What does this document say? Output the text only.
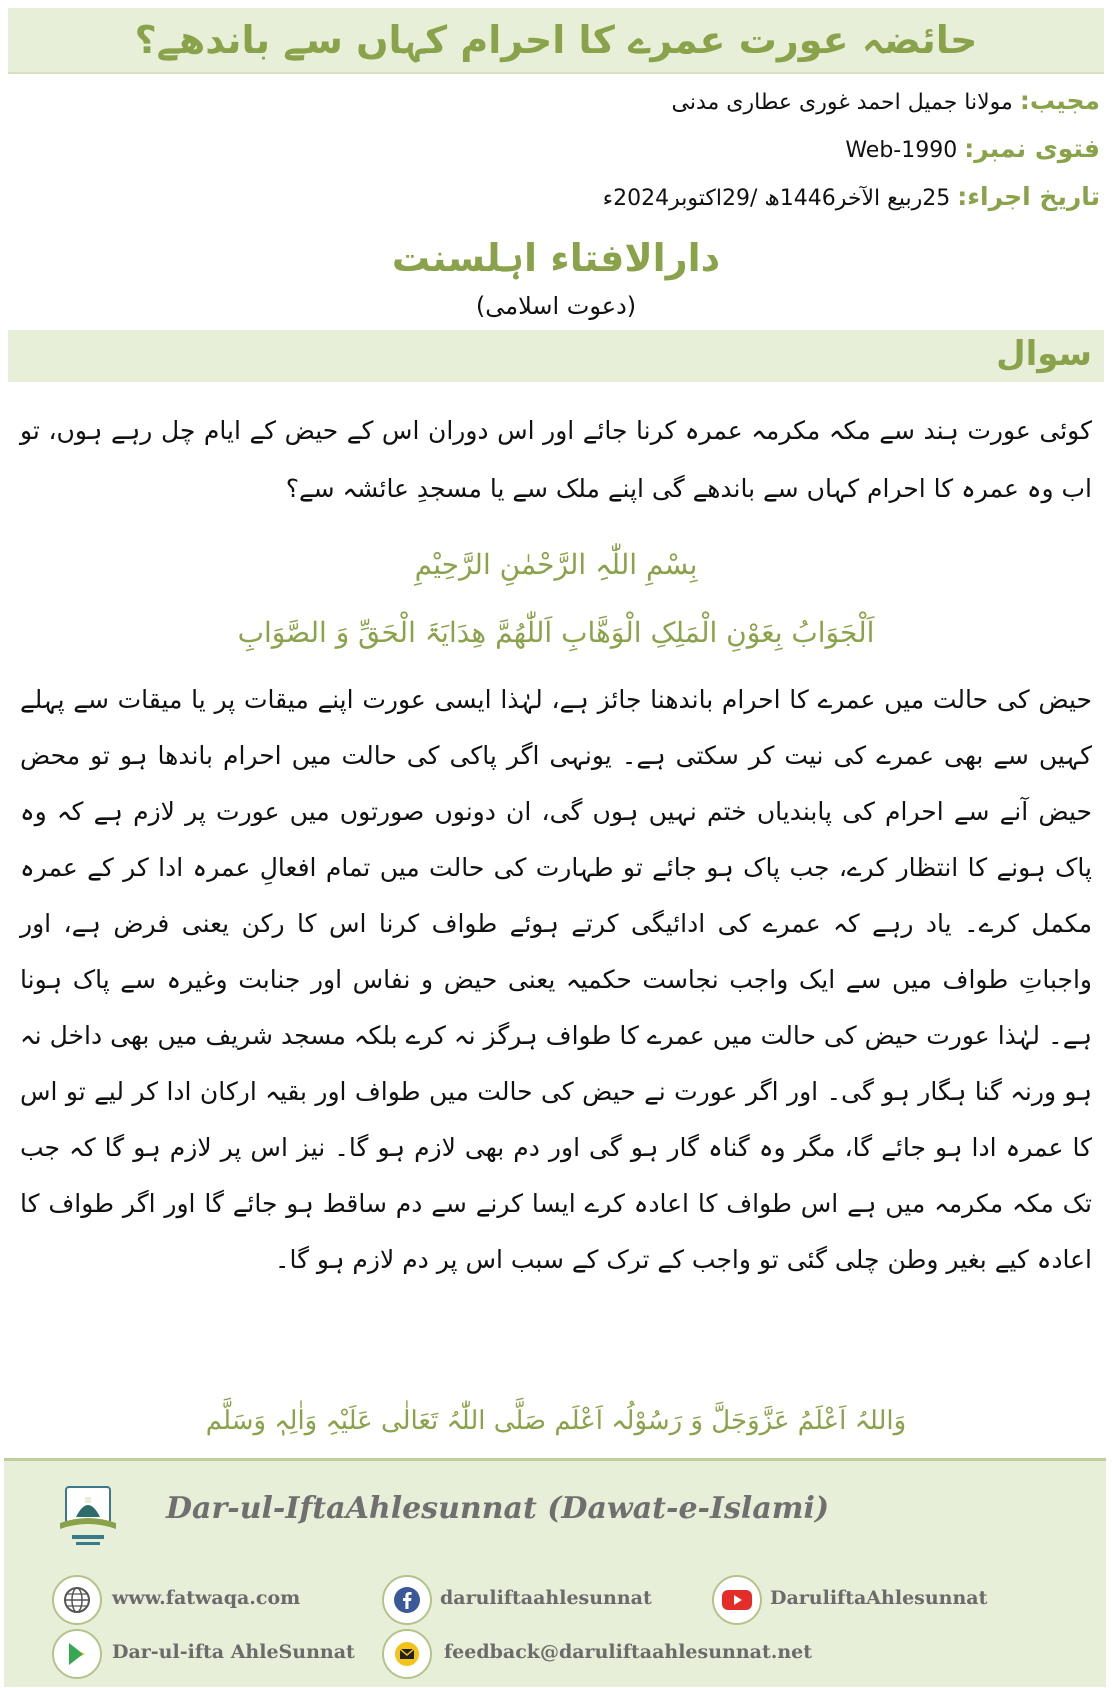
حائضہ عورت عمرے کا احرام کہاں سے باندھے؟
مجیب: مولانا جمیل احمد غوری عطاری مدنی
فتوی نمبر: Web-1990
تاریخ اجراء: 25ربیع الآخر1446ھ /29اکتوبر2024ء
دارالافتاء اہلسنت
(دعوت اسلامی)
سوال
کوئی عورت ہند سے مکہ مکرمہ عمرہ کرنا جائے اور اس دوران اس کے حیض کے ایام چل رہے ہوں، تو اب وہ عمرہ کا احرام کہاں سے باندھے گی اپنے ملک سے یا مسجدِ عائشہ سے؟
بِسْمِ اللّٰہِ الرَّحْمٰنِ الرَّحِیْمِ
اَلْجَوَابُ بِعَوْنِ الْمَلِکِ الْوَھَّابِ اَللّٰھُمَّ ھِدَایَۃَ الْحَقِّ وَ الصَّوَابِ
حیض کی حالت میں عمرے کا احرام باندھنا جائز ہے، لہٰذا ایسی عورت اپنے میقات پر یا میقات سے پہلے کہیں سے بھی عمرے کی نیت کر سکتی ہے۔ یونہی اگر پاکی کی حالت میں احرام باندھا ہو تو محض حیض آنے سے احرام کی پابندیاں ختم نہیں ہوں گی، ان دونوں صورتوں میں عورت پر لازم ہے کہ وہ پاک ہونے کا انتظار کرے، جب پاک ہو جائے تو طہارت کی حالت میں تمام افعالِ عمرہ ادا کر کے عمرہ مکمل کرے۔ یاد رہے کہ عمرے کی ادائیگی کرتے ہوئے طواف کرنا اس کا رکن یعنی فرض ہے، اور واجباتِ طواف میں سے ایک واجب نجاست حکمیہ یعنی حیض و نفاس اور جنابت وغیرہ سے پاک ہونا ہے۔ لہٰذا عورت حیض کی حالت میں عمرے کا طواف ہرگز نہ کرے بلکہ مسجد شریف میں بھی داخل نہ ہو ورنہ گنا ہگار ہو گی۔ اور اگر عورت نے حیض کی حالت میں طواف اور بقیہ ارکان ادا کر لیے تو اس کا عمرہ ادا ہو جائے گا، مگر وہ گناہ گار ہو گی اور دم بھی لازم ہو گا۔ نیز اس پر لازم ہو گا کہ جب تک مکہ مکرمہ میں ہے اس طواف کا اعادہ کرے ایسا کرنے سے دم ساقط ہو جائے گا اور اگر طواف کا اعادہ کیے بغیر وطن چلی گئی تو واجب کے ترک کے سبب اس پر دم لازم ہو گا۔
وَاللہُ اَعْلَمُ عَزَّوَجَلَّ وَ رَسُوْلُہ اَعْلَم صَلَّی اللّٰہُ تَعَالٰی عَلَیْہِ وَاٰلِہٖ وَسَلَّم
Dar-ul-IftaAhlesunnat (Dawat-e-Islami)
www.fatwaqa.com	daruliftaahlesunnat	DaruliftaAhlesunnat
Dar-ul-ifta AhleSunnat	feedback@daruliftaahlesunnat.net
